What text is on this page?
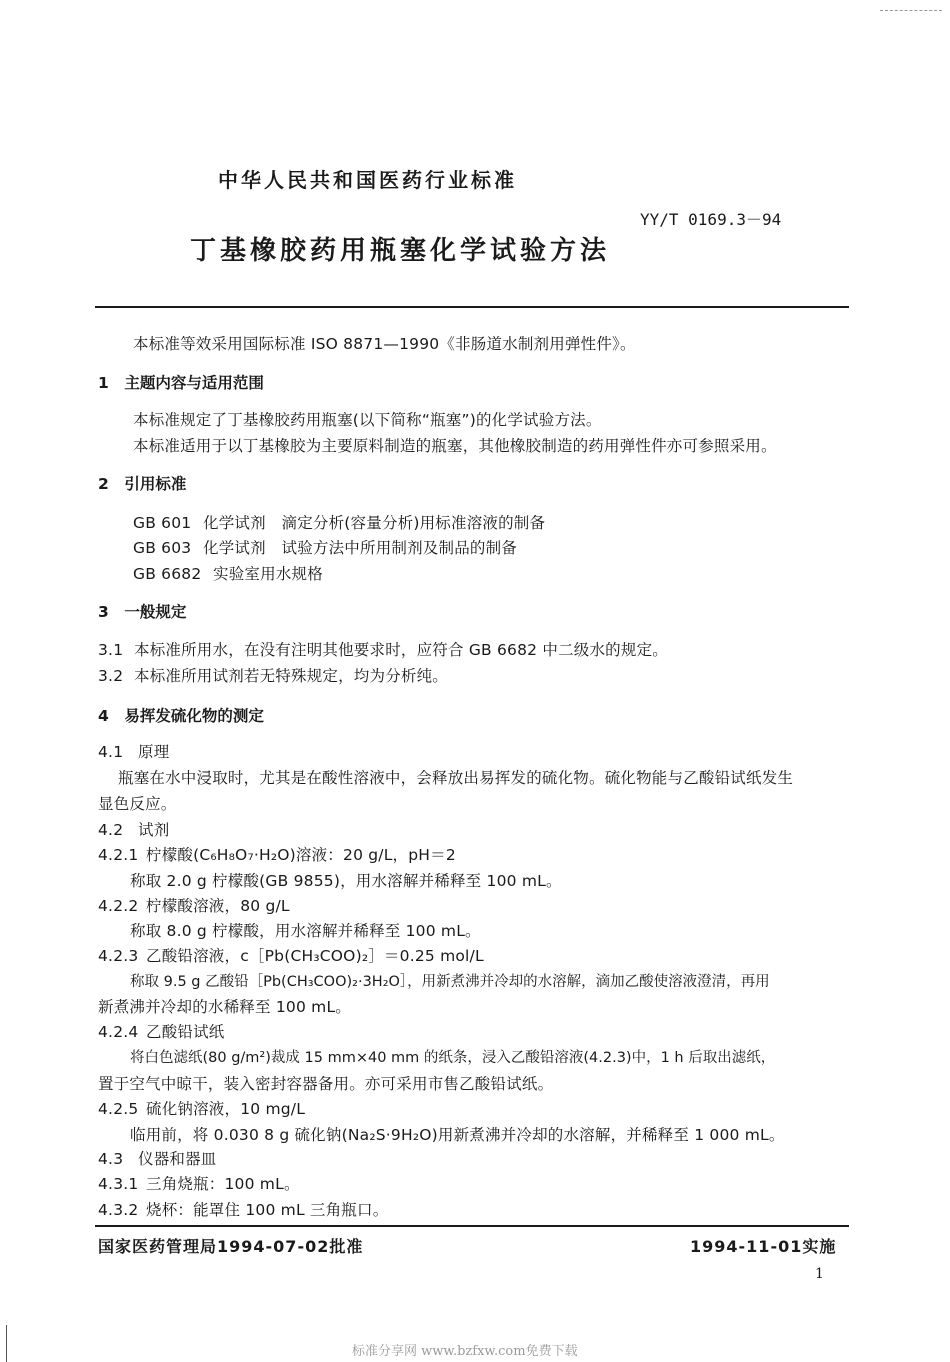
中华人民共和国医药行业标准
YY/T 0169.3－94
丁基橡胶药用瓶塞化学试验方法
本标准等效采用国际标准 ISO 8871—1990《非肠道水制剂用弹性件》。
1　 主题内容与适用范围
本标准规定了丁基橡胶药用瓶塞(以下简称“瓶塞”)的化学试验方法。
本标准适用于以丁基橡胶为主要原料制造的瓶塞，其他橡胶制造的药用弹性件亦可参照采用。
2　 引用标准
GB 601 化学试剂　滴定分析(容量分析)用标准溶液的制备
GB 603 化学试剂　试验方法中所用制剂及制品的制备
GB 6682 实验室用水规格
3　 一般规定
3.1 本标准所用水，在没有注明其他要求时，应符合 GB 6682 中二级水的规定。
3.2 本标准所用试剂若无特殊规定，均为分析纯。
4　 易挥发硫化物的测定
4.1 原理
瓶塞在水中浸取时，尤其是在酸性溶液中，会释放出易挥发的硫化物。硫化物能与乙酸铅试纸发生
显色反应。
4.2 试剂
4.2.1 柠檬酸(C₆H₈O₇·H₂O)溶液：20 g/L，pH＝2
称取 2.0 g 柠檬酸(GB 9855)，用水溶解并稀释至 100 mL。
4.2.2 柠檬酸溶液，80 g/L
称取 8.0 g 柠檬酸，用水溶解并稀释至 100 mL。
4.2.3 乙酸铅溶液，c［Pb(CH₃COO)₂］＝0.25 mol/L
称取 9.5 g 乙酸铅［Pb(CH₃COO)₂·3H₂O］，用新煮沸并冷却的水溶解，滴加乙酸使溶液澄清，再用
新煮沸并冷却的水稀释至 100 mL。
4.2.4 乙酸铅试纸
将白色滤纸(80 g/m²)裁成 15 mm×40 mm 的纸条，浸入乙酸铅溶液(4.2.3)中，1 h 后取出滤纸，
置于空气中晾干，装入密封容器备用。亦可采用市售乙酸铅试纸。
4.2.5 硫化钠溶液，10 mg/L
临用前，将 0.030 8 g 硫化钠(Na₂S·9H₂O)用新煮沸并冷却的水溶解，并稀释至 1 000 mL。
4.3 仪器和器皿
4.3.1 三角烧瓶：100 mL。
4.3.2 烧杯：能罩住 100 mL 三角瓶口。
国家医药管理局1994-07-02批准	1994-11-01实施
1
标准分享网 www.bzfxw.com免费下载
